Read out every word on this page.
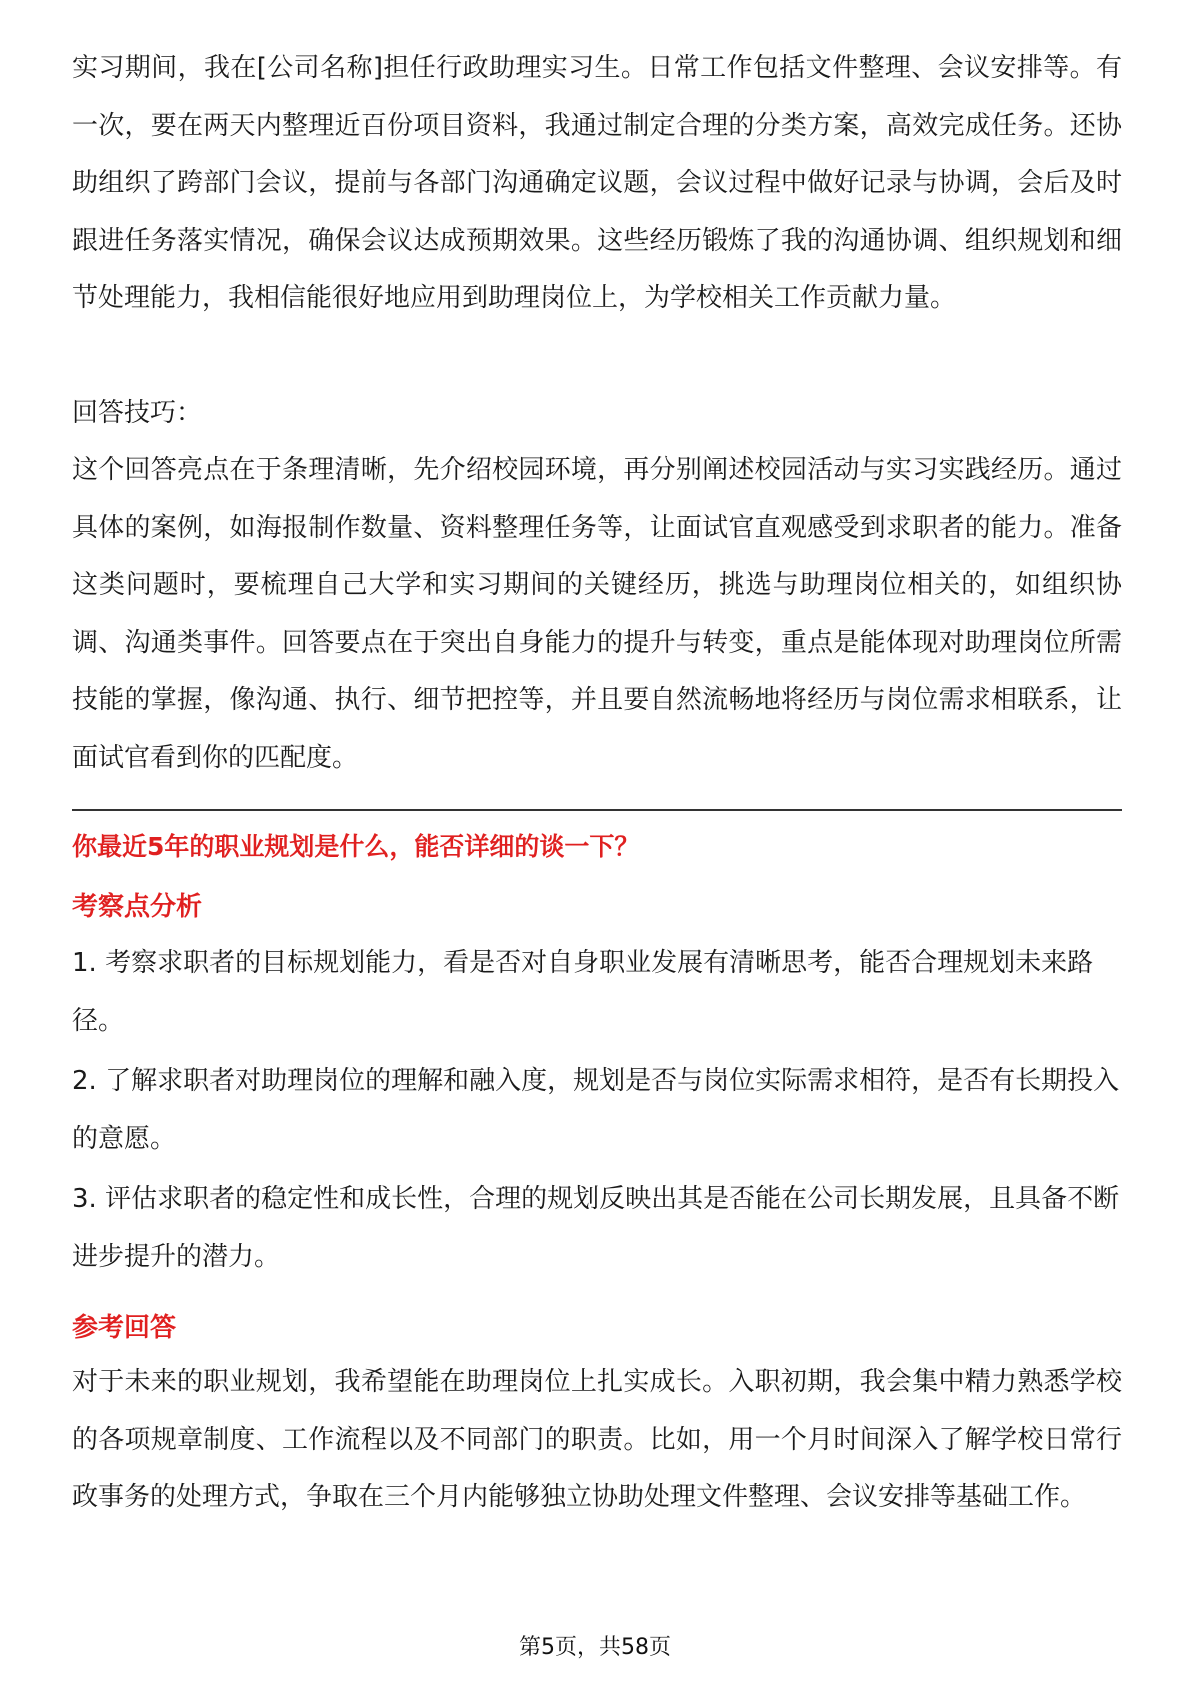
实习期间，我在[公司名称]担任行政助理实习生。日常工作包括文件整理、会议安排等。有一次，要在两天内整理近百份项目资料，我通过制定合理的分类方案，高效完成任务。还协助组织了跨部门会议，提前与各部门沟通确定议题，会议过程中做好记录与协调，会后及时跟进任务落实情况，确保会议达成预期效果。这些经历锻炼了我的沟通协调、组织规划和细节处理能力，我相信能很好地应用到助理岗位上，为学校相关工作贡献力量。

回答技巧：

这个回答亮点在于条理清晰，先介绍校园环境，再分别阐述校园活动与实习实践经历。通过具体的案例，如海报制作数量、资料整理任务等，让面试官直观感受到求职者的能力。准备这类问题时，要梳理自己大学和实习期间的关键经历，挑选与助理岗位相关的，如组织协调、沟通类事件。回答要点在于突出自身能力的提升与转变，重点是能体现对助理岗位所需技能的掌握，像沟通、执行、细节把控等，并且要自然流畅地将经历与岗位需求相联系，让面试官看到你的匹配度。

你最近5年的职业规划是什么，能否详细的谈一下？

考察点分析

1. 考察求职者的目标规划能力，看是否对自身职业发展有清晰思考，能否合理规划未来路径。

2. 了解求职者对助理岗位的理解和融入度，规划是否与岗位实际需求相符，是否有长期投入的意愿。

3. 评估求职者的稳定性和成长性，合理的规划反映出其是否能在公司长期发展，且具备不断进步提升的潜力。

参考回答

对于未来的职业规划，我希望能在助理岗位上扎实成长。入职初期，我会集中精力熟悉学校的各项规章制度、工作流程以及不同部门的职责。比如，用一个月时间深入了解学校日常行政事务的处理方式，争取在三个月内能够独立协助处理文件整理、会议安排等基础工作。

第5页，共58页
